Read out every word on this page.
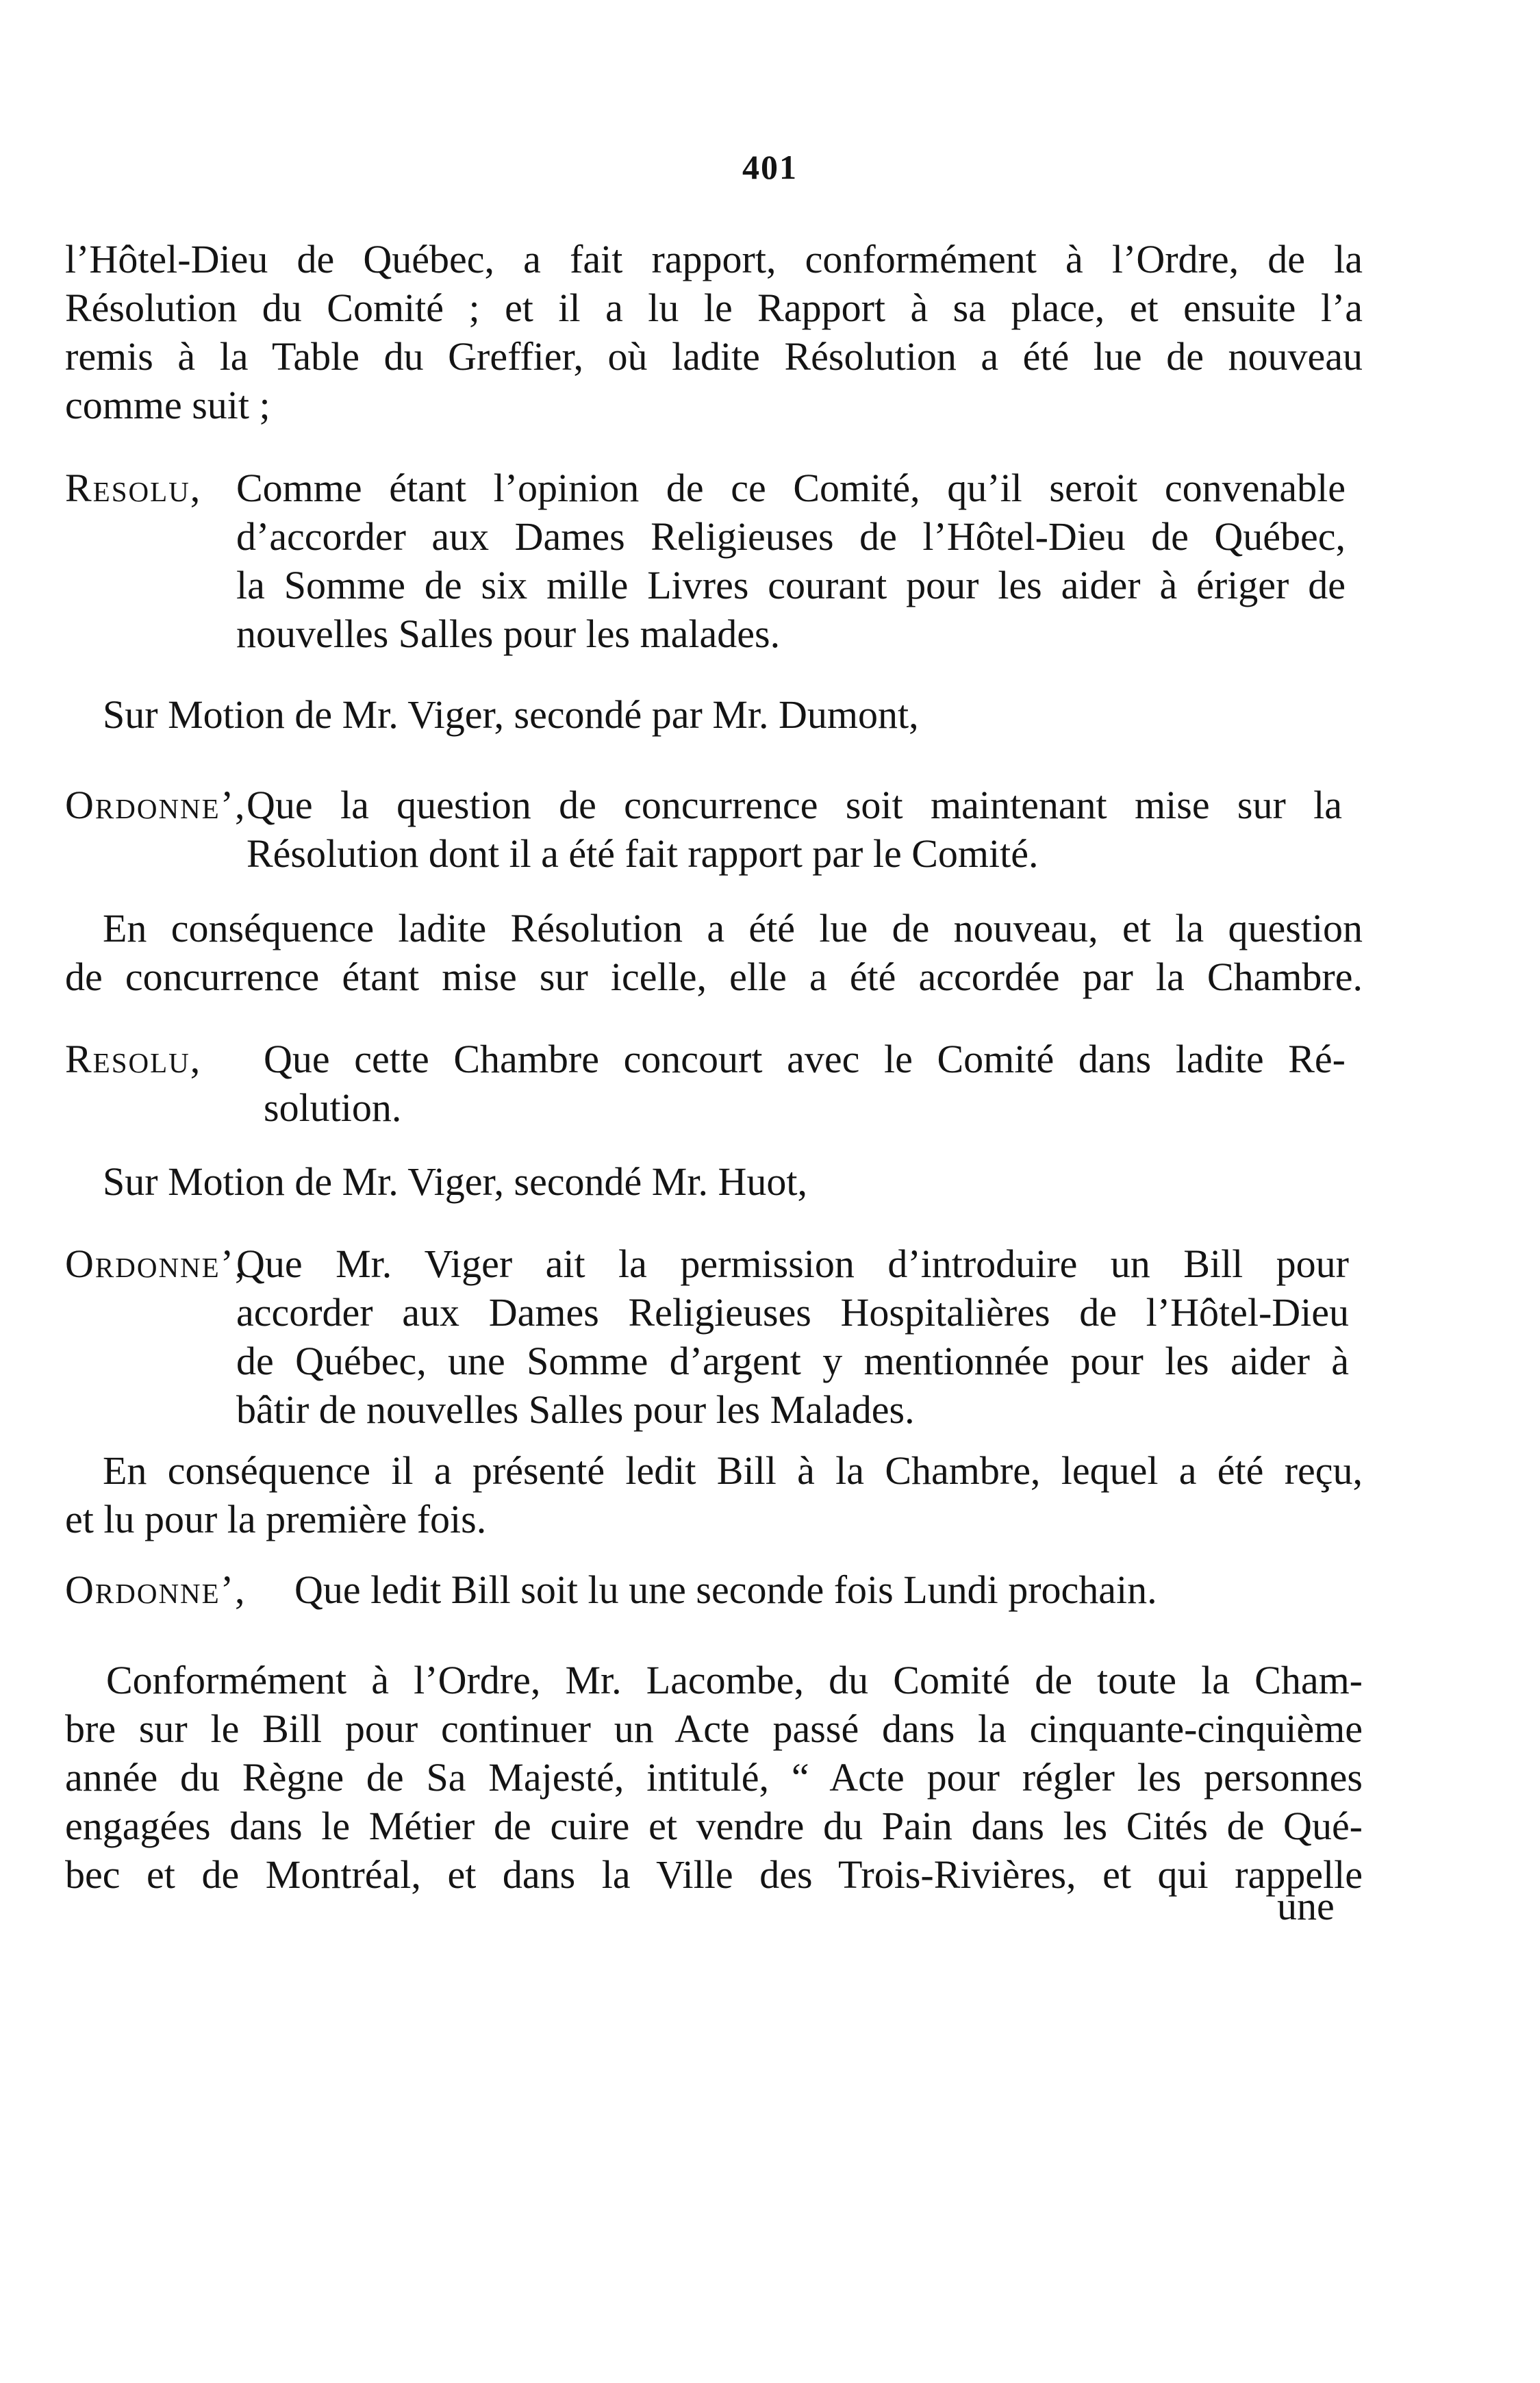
401
l’Hôtel-Dieu de Québec, a fait rapport, conformément à l’Ordre, de la
Résolution du Comité ; et il a lu le Rapport à sa place, et ensuite l’a
remis à la Table du Greffier, où ladite Résolution a été lue de nouveau
comme suit ;
Resolu, Comme étant l’opinion de ce Comité, qu’il seroit convenable
d’accorder aux Dames Religieuses de l’Hôtel-Dieu de Québec,
la Somme de six mille Livres courant pour les aider à ériger de
nouvelles Salles pour les malades.
Sur Motion de Mr. Viger, secondé par Mr. Dumont,
Ordonne’, Que la question de concurrence soit maintenant mise sur la
Résolution dont il a été fait rapport par le Comité.
En conséquence ladite Résolution a été lue de nouveau, et la question
de concurrence étant mise sur icelle, elle a été accordée par la Chambre.
Resolu, Que cette Chambre concourt avec le Comité dans ladite Ré-
solution.
Sur Motion de Mr. Viger, secondé Mr. Huot,
Ordonne’,
Que Mr. Viger ait la permission d’introduire un Bill pour
accorder aux Dames Religieuses Hospitalières de l’Hôtel-Dieu
de Québec, une Somme d’argent y mentionnée pour les aider à
bâtir de nouvelles Salles pour les Malades.
En conséquence il a présenté ledit Bill à la Chambre, lequel a été reçu,
et lu pour la première fois.
Ordonne’, Que ledit Bill soit lu une seconde fois Lundi prochain.
Conformément à l’Ordre, Mr. Lacombe, du Comité de toute la Cham-
bre sur le Bill pour continuer un Acte passé dans la cinquante-cinquième
année du Règne de Sa Majesté, intitulé, “ Acte pour régler les personnes
engagées dans le Métier de cuire et vendre du Pain dans les Cités de Qué-
bec et de Montréal, et dans la Ville des Trois-Rivières, et qui rappelle
une
